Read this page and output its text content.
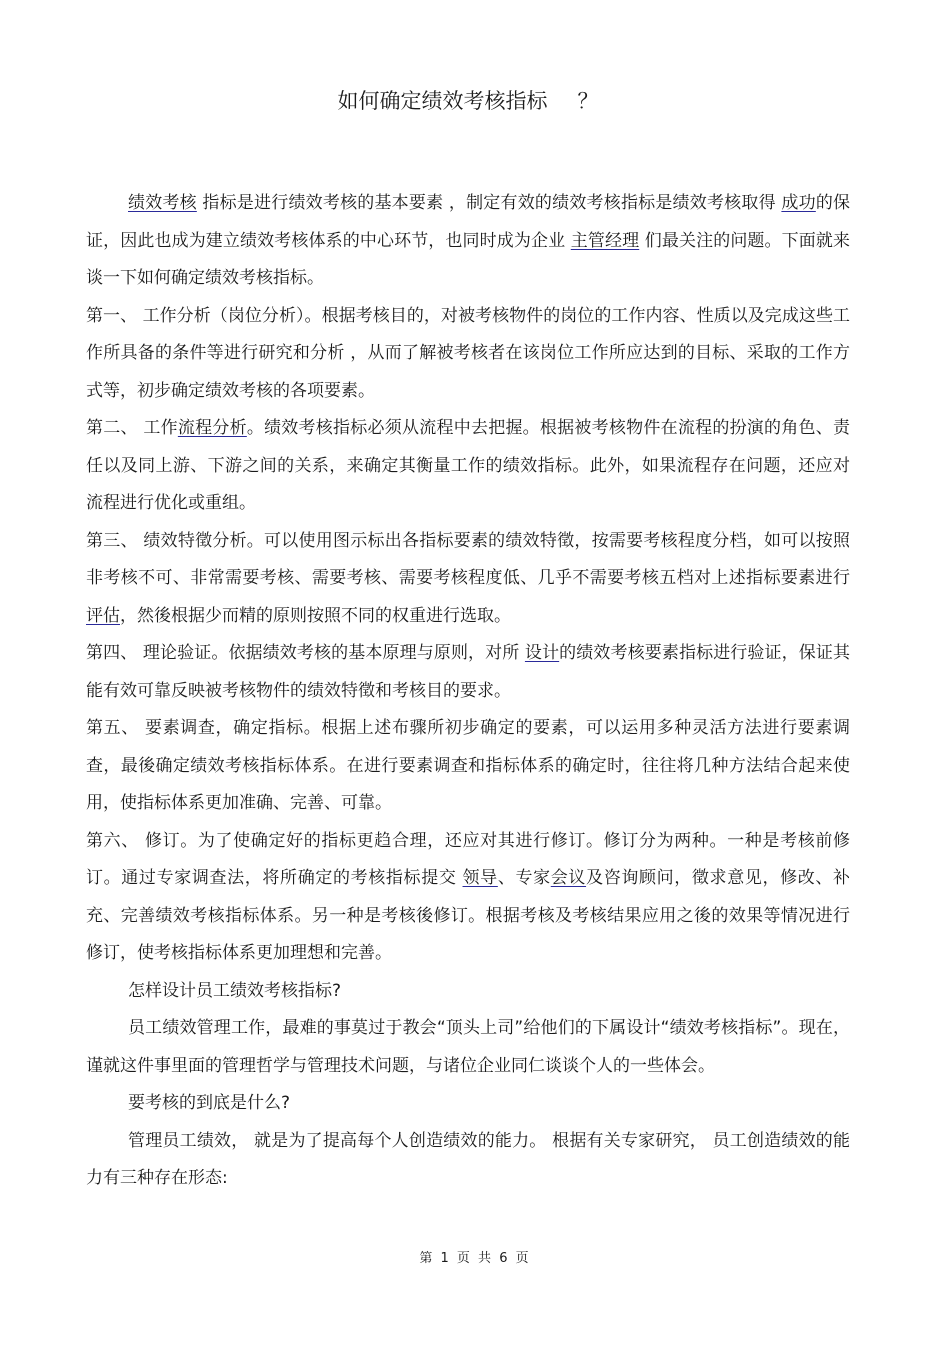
如何确定绩效考核指标 ？

绩效考核 指标是进行绩效考核的基本要素 ，制定有效的绩效考核指标是绩效考核取得 成功的保证，因此也成为建立绩效考核体系的中心环节，也同时成为企业 主管经理 们最关注的问题。下面就来谈一下如何确定绩效考核指标。

第一、 工作分析（岗位分析）。根据考核目的，对被考核物件的岗位的工作内容、性质以及完成这些工作所具备的条件等进行研究和分析 ，从而了解被考核者在该岗位工作所应达到的目标、采取的工作方式等，初步确定绩效考核的各项要素。

第二、 工作流程分析。绩效考核指标必须从流程中去把握。根据被考核物件在流程的扮演的角色、责任以及同上游、下游之间的关系，来确定其衡量工作的绩效指标。此外，如果流程存在问题，还应对流程进行优化或重组。

第三、 绩效特徵分析。可以使用图示标出各指标要素的绩效特徵，按需要考核程度分档，如可以按照非考核不可、非常需要考核、需要考核、需要考核程度低、几乎不需要考核五档对上述指标要素进行 评估，然後根据少而精的原则按照不同的权重进行选取。

第四、 理论验证。依据绩效考核的基本原理与原则，对所 设计的绩效考核要素指标进行验证，保证其能有效可靠反映被考核物件的绩效特徵和考核目的要求。

第五、 要素调查，确定指标。根据上述布骤所初步确定的要素，可以运用多种灵活方法进行要素调查，最後确定绩效考核指标体系。在进行要素调查和指标体系的确定时，往往将几种方法结合起来使用，使指标体系更加准确、完善、可靠。

第六、 修订。为了使确定好的指标更趋合理，还应对其进行修订。修订分为两种。一种是考核前修订。通过专家调查法，将所确定的考核指标提交 领导、专家会议及咨询顾问，徵求意见，修改、补充、完善绩效考核指标体系。另一种是考核後修订。根据考核及考核结果应用之後的效果等情况进行修订，使考核指标体系更加理想和完善。

怎样设计员工绩效考核指标?

员工绩效管理工作，最难的事莫过于教会“顶头上司”给他们的下属设计“绩效考核指标”。现在，谨就这件事里面的管理哲学与管理技术问题，与诸位企业同仁谈谈个人的一些体会。

要考核的到底是什么?

管理员工绩效， 就是为了提高每个人创造绩效的能力。 根据有关专家研究， 员工创造绩效的能力有三种存在形态:

第 1 页 共 6 页
